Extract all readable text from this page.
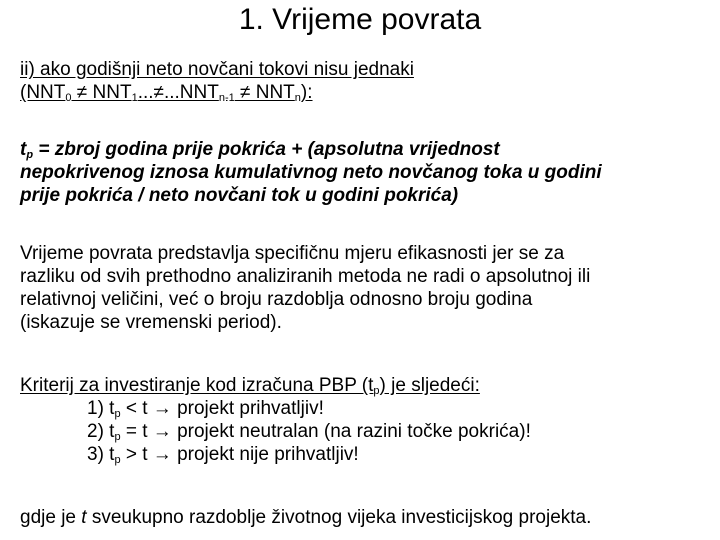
1. Vrijeme povrata
ii) ako godišnji neto novčani tokovi nisu jednaki
$(NNT_0 \ne NNT_1...\ne...NNT_{n-1} \ne NNT_n)$:
$t_p$ = zbroj godina prije pokrića + (apsolutna vrijednost
nepokrivenog iznosa kumulativnog neto novčanog toka u godini
prije pokrića / neto novčani tok u godini pokrića)
Vrijeme povrata predstavlja specifičnu mjeru efikasnosti jer se za
razliku od svih prethodno analiziranih metoda ne radi o apsolutnoj ili
relativnoj veličini, već o broju razdoblja odnosno broju godina
(iskazuje se vremenski period).
Kriterij za investiranje kod izračuna PBP $(t_p)$ je sljedeći:
1) $t_p < t$ → projekt prihvatljiv!
2) $t_p = t$ → projekt neutralan (na razini točke pokrića)!
3) $t_p > t$ → projekt nije prihvatljiv!
gdje je t sveukupno razdoblje životnog vijeka investicijskog projekta.
